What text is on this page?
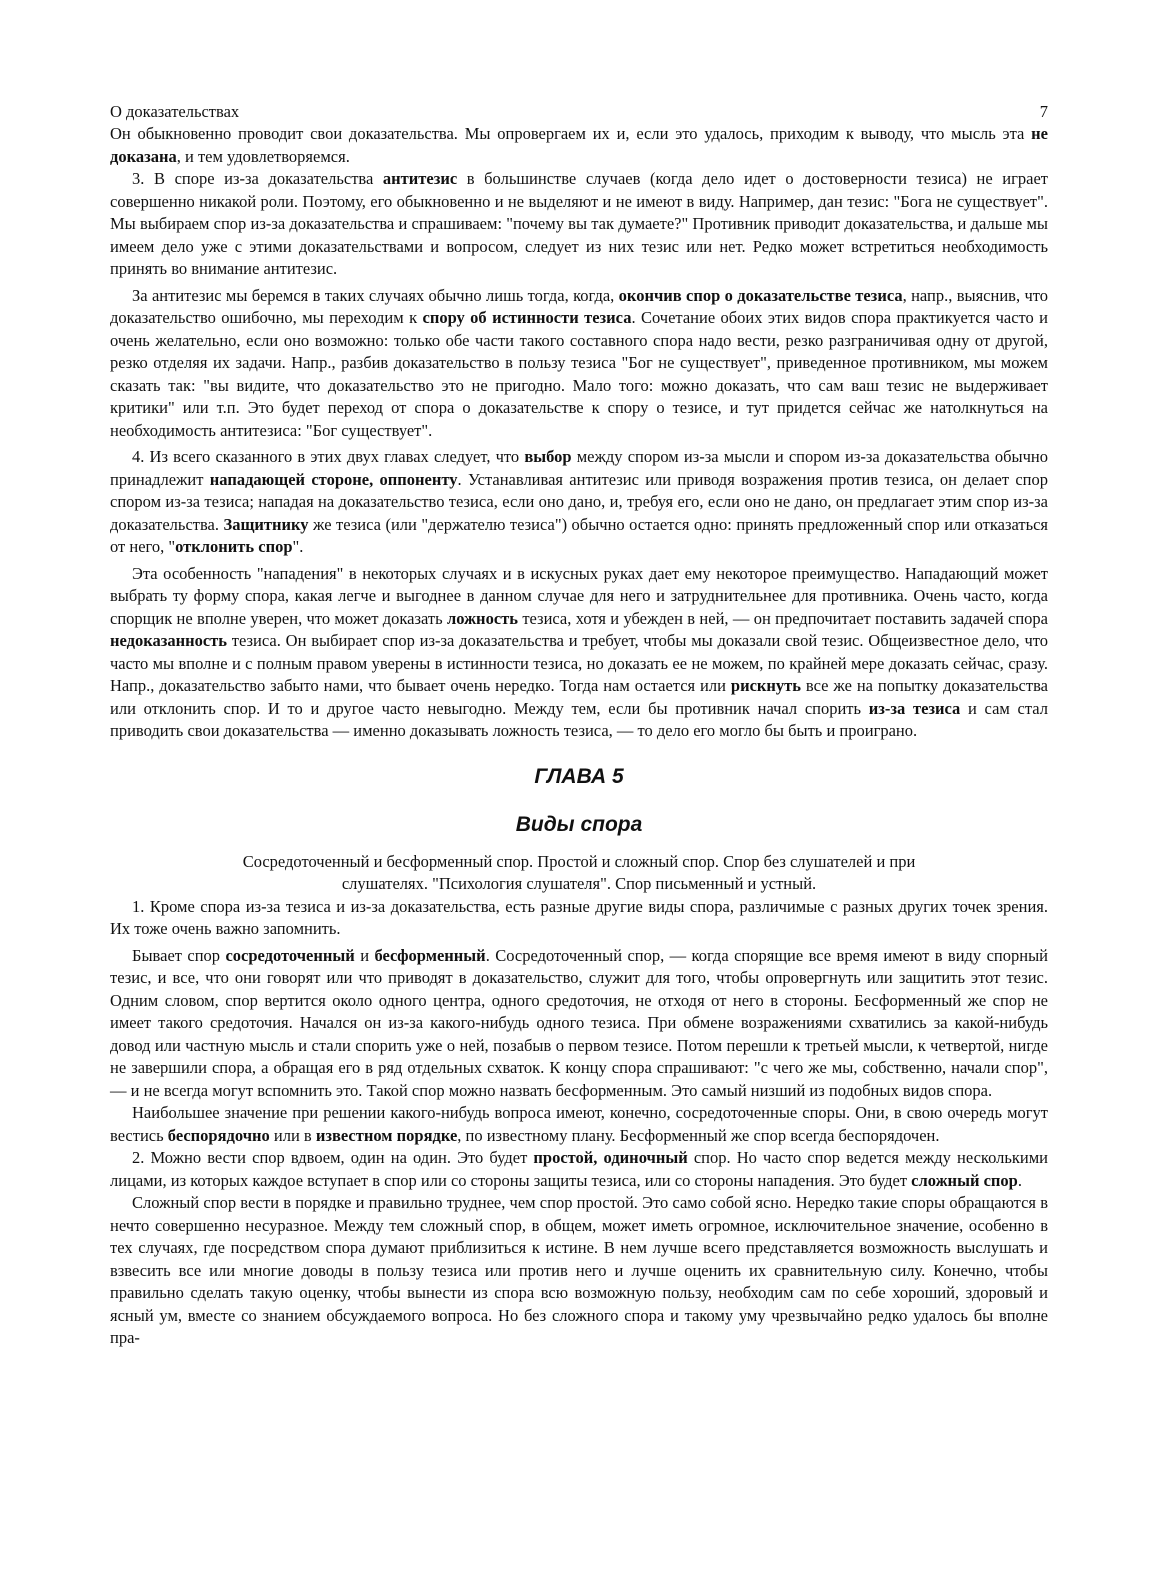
О доказательствах	7

Он обыкновенно проводит свои доказательства. Мы опровергаем их и, если это удалось, приходим к выводу, что мысль эта не доказана, и тем удовлетворяемся.

3. В споре из-за доказательства антитезис в большинстве случаев (когда дело идет о достоверности тезиса) не играет совершенно никакой роли. Поэтому, его обыкновенно и не выделяют и не имеют в виду. Например, дан тезис: "Бога не существует". Мы выбираем спор из-за доказательства и спрашиваем: "почему вы так думаете?" Противник приводит доказательства, и дальше мы имеем дело уже с этими доказательствами и вопросом, следует из них тезис или нет. Редко может встретиться необходимость принять во внимание антитезис.

За антитезис мы беремся в таких случаях обычно лишь тогда, когда, окончив спор о доказательстве тезиса, напр., выяснив, что доказательство ошибочно, мы переходим к спору об истинности тезиса. Сочетание обоих этих видов спора практикуется часто и очень желательно, если оно возможно: только обе части такого составного спора надо вести, резко разграничивая одну от другой, резко отделяя их задачи. Напр., разбив доказательство в пользу тезиса "Бог не существует", приведенное противником, мы можем сказать так: "вы видите, что доказательство это не пригодно. Мало того: можно доказать, что сам ваш тезис не выдерживает критики" или т.п. Это будет переход от спора о доказательстве к спору о тезисе, и тут придется сейчас же натолкнуться на необходимость антитезиса: "Бог существует".

4. Из всего сказанного в этих двух главах следует, что выбор между спором из-за мысли и спором из-за доказательства обычно принадлежит нападающей стороне, оппоненту. Устанавливая антитезис или приводя возражения против тезиса, он делает спор спором из-за тезиса; нападая на доказательство тезиса, если оно дано, и, требуя его, если оно не дано, он предлагает этим спор из-за доказательства. Защитнику же тезиса (или "держателю тезиса") обычно остается одно: принять предложенный спор или отказаться от него, "отклонить спор".

Эта особенность "нападения" в некоторых случаях и в искусных руках дает ему некоторое преимущество. Нападающий может выбрать ту форму спора, какая легче и выгоднее в данном случае для него и затруднительнее для противника. Очень часто, когда спорщик не вполне уверен, что может доказать ложность тезиса, хотя и убежден в ней, — он предпочитает поставить задачей спора недоказанность тезиса. Он выбирает спор из-за доказательства и требует, чтобы мы доказали свой тезис. Общеизвестное дело, что часто мы вполне и с полным правом уверены в истинности тезиса, но доказать ее не можем, по крайней мере доказать сейчас, сразу. Напр., доказательство забыто нами, что бывает очень нередко. Тогда нам остается или рискнуть все же на попытку доказательства или отклонить спор. И то и другое часто невыгодно. Между тем, если бы противник начал спорить из-за тезиса и сам стал приводить свои доказательства — именно доказывать ложность тезиса, — то дело его могло бы быть и проиграно.

ГЛАВА 5
Виды спора
Сосредоточенный и бесформенный спор. Простой и сложный спор. Спор без слушателей и при слушателях. "Психология слушателя". Спор письменный и устный.

1. Кроме спора из-за тезиса и из-за доказательства, есть разные другие виды спора, различимые с разных других точек зрения. Их тоже очень важно запомнить.

Бывает спор сосредоточенный и бесформенный. Сосредоточенный спор, — когда спорящие все время имеют в виду спорный тезис, и все, что они говорят или что приводят в доказательство, служит для того, чтобы опровергнуть или защитить этот тезис. Одним словом, спор вертится около одного центра, одного средоточия, не отходя от него в стороны. Бесформенный же спор не имеет такого средоточия. Начался он из-за какого-нибудь одного тезиса. При обмене возражениями схватились за какой-нибудь довод или частную мысль и стали спорить уже о ней, позабыв о первом тезисе. Потом перешли к третьей мысли, к четвертой, нигде не завершили спора, а обращая его в ряд отдельных схваток. К концу спора спрашивают: "с чего же мы, собственно, начали спор", — и не всегда могут вспомнить это. Такой спор можно назвать бесформенным. Это самый низший из подобных видов спора.

Наибольшее значение при решении какого-нибудь вопроса имеют, конечно, сосредоточенные споры. Они, в свою очередь могут вестись беспорядочно или в известном порядке, по известному плану. Бесформенный же спор всегда беспорядочен.

2. Можно вести спор вдвоем, один на один. Это будет простой, одиночный спор. Но часто спор ведется между несколькими лицами, из которых каждое вступает в спор или со стороны защиты тезиса, или со стороны нападения. Это будет сложный спор.

Сложный спор вести в порядке и правильно труднее, чем спор простой. Это само собой ясно. Нередко такие споры обращаются в нечто совершенно несуразное. Между тем сложный спор, в общем, может иметь огромное, исключительное значение, особенно в тех случаях, где посредством спора думают приблизиться к истине. В нем лучше всего представляется возможность выслушать и взвесить все или многие доводы в пользу тезиса или против него и лучше оценить их сравнительную силу. Конечно, чтобы правильно сделать такую оценку, чтобы вынести из спора всю возможную пользу, необходим сам по себе хороший, здоровый и ясный ум, вместе со знанием обсуждаемого вопроса. Но без сложного спора и такому уму чрезвычайно редко удалось бы вполне пра-
